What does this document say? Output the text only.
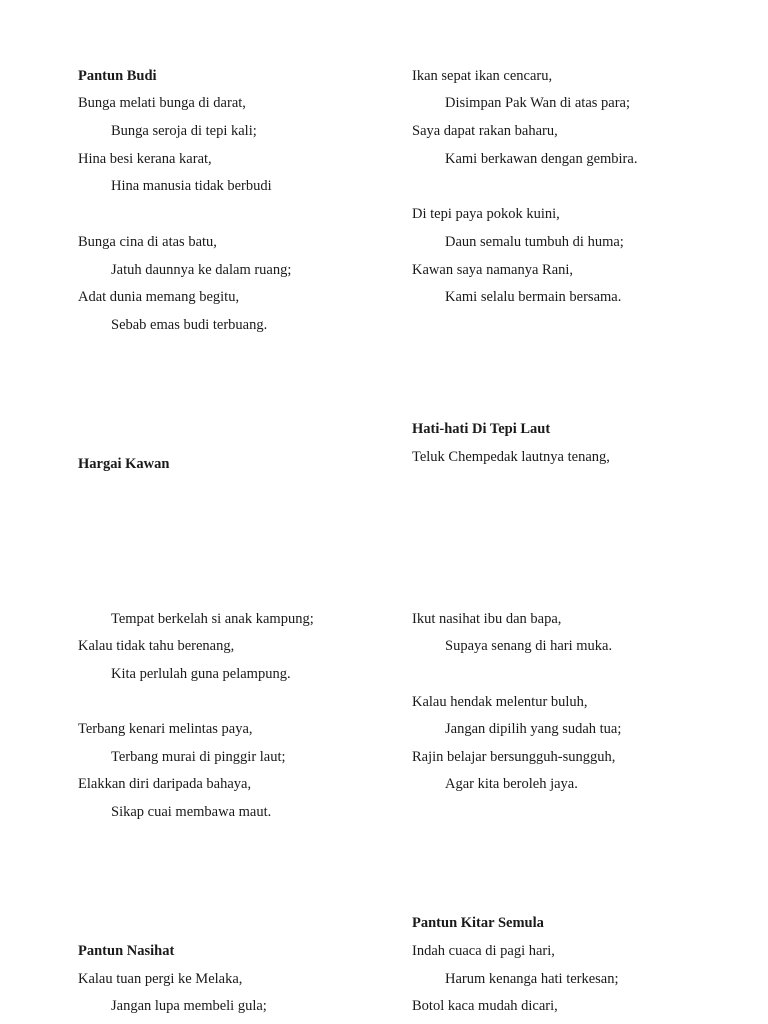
Pantun Budi
Bunga melati bunga di darat,
Bunga seroja di tepi kali;
Hina besi kerana karat,
Hina manusia tidak berbudi
Bunga cina di atas batu,
Jatuh daunnya ke dalam ruang;
Adat dunia memang begitu,
Sebab emas budi terbuang.
Hargai Kawan
Tempat berkelah si anak kampung;
Kalau tidak tahu berenang,
Kita perlulah guna pelampung.
Terbang kenari melintas paya,
Terbang murai di pinggir laut;
Elakkan diri daripada bahaya,
Sikap cuai membawa maut.
Pantun Nasihat
Kalau tuan pergi ke Melaka,
Jangan lupa membeli gula;
Ikan sepat ikan cencaru,
Disimpan Pak Wan di atas para;
Saya dapat rakan baharu,
Kami berkawan dengan gembira.
Di tepi paya pokok kuini,
Daun semalu tumbuh di huma;
Kawan saya namanya Rani,
Kami selalu bermain bersama.
Hati-hati Di Tepi Laut
Teluk Chempedak lautnya tenang,
Ikut nasihat ibu dan bapa,
Supaya senang di hari muka.
Kalau hendak melentur buluh,
Jangan dipilih yang sudah tua;
Rajin belajar bersungguh-sungguh,
Agar kita beroleh jaya.
Pantun Kitar Semula
Indah cuaca di pagi hari,
Harum kenanga hati terkesan;
Botol kaca mudah dicari,
